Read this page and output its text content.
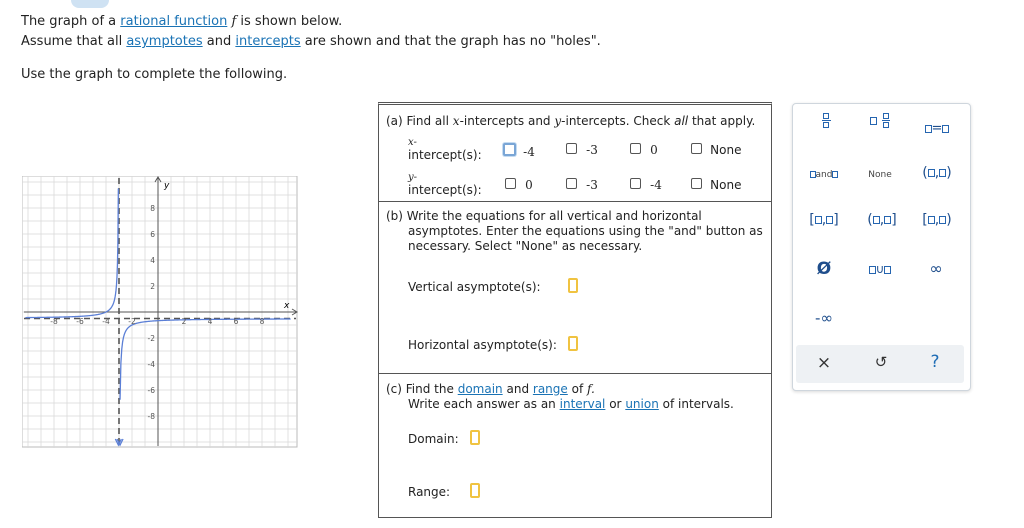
The graph of a rational function f is shown below.
Assume that all asymptotes and intercepts are shown and that the graph has no "holes".
Use the graph to complete the following.
x
y
-8 -6 -4 -2	2	4	6	8
8
6
4
2
-2
-4
-6
-8
(a) Find all x-intercepts and y-intercepts. Check all that apply.
x-
intercept(s):	-4	-3	0	None
y-
intercept(s):	0	-3	-4	None
(b) Write the equations for all vertical and horizontal
asymptotes. Enter the equations using the "and" button as
necessary. Select "None" as necessary.
Vertical asymptote(s):
Horizontal asymptote(s):
(c) Find the domain and range of f.
Write each answer as an interval or union of intervals.
Domain:
Range:

=
and	None	( , )
[ , ]	( , ]	[ , )
Ø	∪	∞
-∞
×	↺	?
